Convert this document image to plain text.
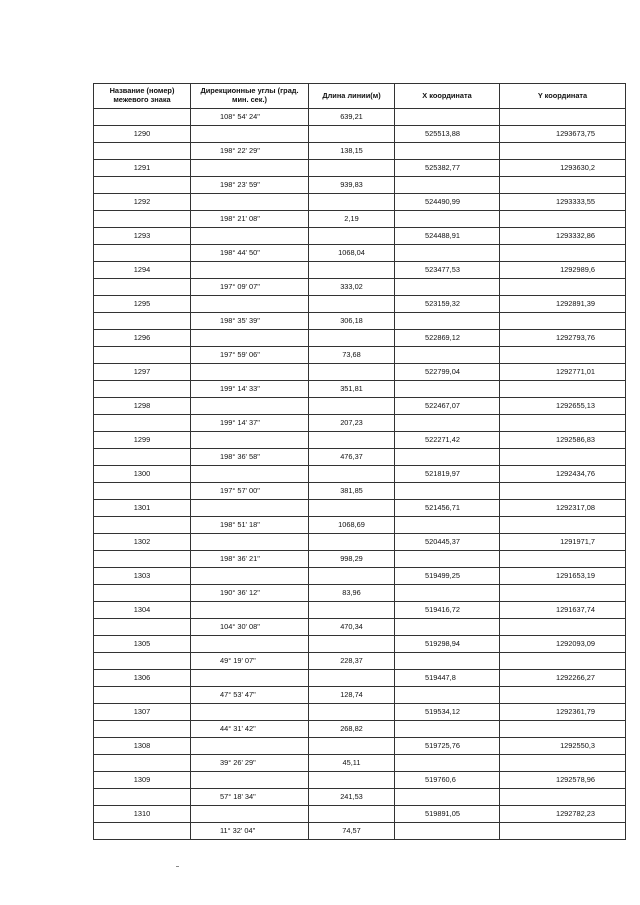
Название (номер) межевого знака	Дирекционные углы (град. мин. сек.)	Длина линии(м)	X координата	Y координата
	108° 54' 24"	639,21		
1290			525513,88	1293673,75
	198° 22' 29"	138,15		
1291			525382,77	1293630,2
	198° 23' 59"	939,83		
1292			524490,99	1293333,55
	198° 21' 08"	2,19		
1293			524488,91	1293332,86
	198° 44' 50"	1068,04		
1294			523477,53	1292989,6
	197° 09' 07"	333,02		
1295			523159,32	1292891,39
	198° 35' 39"	306,18		
1296			522869,12	1292793,76
	197° 59' 06"	73,68		
1297			522799,04	1292771,01
	199° 14' 33"	351,81		
1298			522467,07	1292655,13
	199° 14' 37"	207,23		
1299			522271,42	1292586,83
	198° 36' 58"	476,37		
1300			521819,97	1292434,76
	197° 57' 00"	381,85		
1301			521456,71	1292317,08
	198° 51' 18"	1068,69		
1302			520445,37	1291971,7
	198° 36' 21"	998,29		
1303			519499,25	1291653,19
	190° 36' 12"	83,96		
1304			519416,72	1291637,74
	104° 30' 08"	470,34		
1305			519298,94	1292093,09
	49° 19' 07"	228,37		
1306			519447,8	1292266,27
	47° 53' 47"	128,74		
1307			519534,12	1292361,79
	44° 31' 42"	268,82		
1308			519725,76	1292550,3
	39° 26' 29"	45,11		
1309			519760,6	1292578,96
	57° 18' 34"	241,53		
1310			519891,05	1292782,23
	11° 32' 04"	74,57		
